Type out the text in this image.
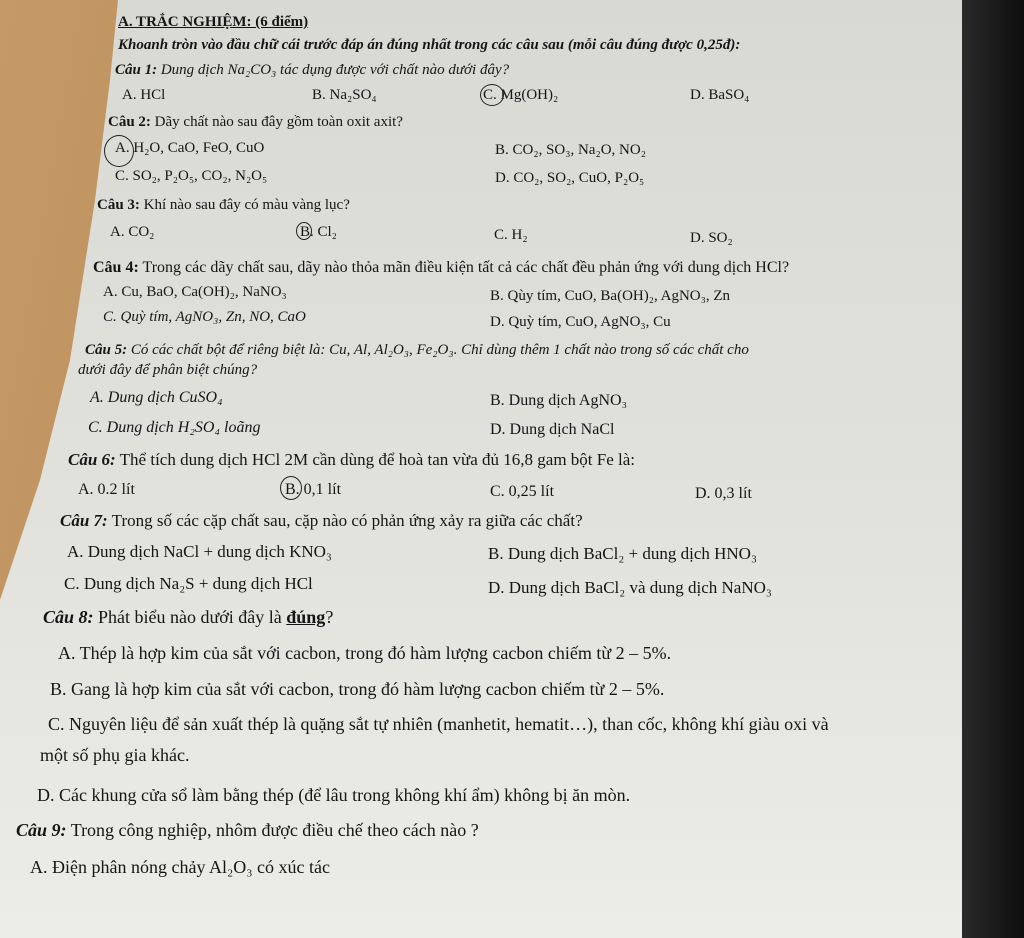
A. TRẮC NGHIỆM: (6 điểm)
Khoanh tròn vào đầu chữ cái trước đáp án đúng nhất trong các câu sau (mỗi câu đúng được 0,25đ):
Câu 1: Dung dịch Na₂CO₃ tác dụng được với chất nào dưới đây?
A. HCl	B. Na₂SO₄	C. Mg(OH)₂	D. BaSO₄
Câu 2: Dãy chất nào sau đây gồm toàn oxit axit?
A. H₂O, CaO, FeO, CuO	B. CO₂, SO₃, Na₂O, NO₂
C. SO₂, P₂O₅, CO₂, N₂O₅	D. CO₂, SO₂, CuO, P₂O₅
Câu 3: Khí nào sau đây có màu vàng lục?
A. CO₂	B. Cl₂	C. H₂	D. SO₂
Câu 4: Trong các dãy chất sau, dãy nào thỏa mãn điều kiện tất cả các chất đều phản ứng với dung dịch HCl?
A. Cu, BaO, Ca(OH)₂, NaNO₃	B. Qùy tím, CuO, Ba(OH)₂, AgNO₃, Zn
C. Quỳ tím, AgNO₃, Zn, NO, CaO	D. Quỳ tím, CuO, AgNO₃, Cu
Câu 5: Có các chất bột để riêng biệt là: Cu, Al, Al₂O₃, Fe₂O₃. Chỉ dùng thêm 1 chất nào trong số các chất cho
dưới đây để phân biệt chúng?
A. Dung dịch CuSO₄	B. Dung dịch AgNO₃
C. Dung dịch H₂SO₄ loãng	D. Dung dịch NaCl
Câu 6: Thể tích dung dịch HCl 2M cần dùng để hoà tan vừa đủ 16,8 gam bột Fe là:
A. 0.2 lít	B. 0,1 lít	C. 0,25 lít	D. 0,3 lít
Câu 7: Trong số các cặp chất sau, cặp nào có phản ứng xảy ra giữa các chất?
A. Dung dịch NaCl + dung dịch KNO₃	B. Dung dịch BaCl₂ + dung dịch HNO₃
C. Dung dịch Na₂S + dung dịch HCl	D. Dung dịch BaCl₂ và dung dịch NaNO₃
Câu 8: Phát biểu nào dưới đây là đúng?
A. Thép là hợp kim của sắt với cacbon, trong đó hàm lượng cacbon chiếm từ 2 – 5%.
B. Gang là hợp kim của sắt với cacbon, trong đó hàm lượng cacbon chiếm từ 2 – 5%.
C. Nguyên liệu để sản xuất thép là quặng sắt tự nhiên (manhetit, hematit…), than cốc, không khí giàu oxi và
một số phụ gia khác.
D. Các khung cửa sổ làm bằng thép (để lâu trong không khí ẩm) không bị ăn mòn.
Câu 9: Trong công nghiệp, nhôm được điều chế theo cách nào ?
A. Điện phân nóng chảy Al₂O₃ có xúc tác
